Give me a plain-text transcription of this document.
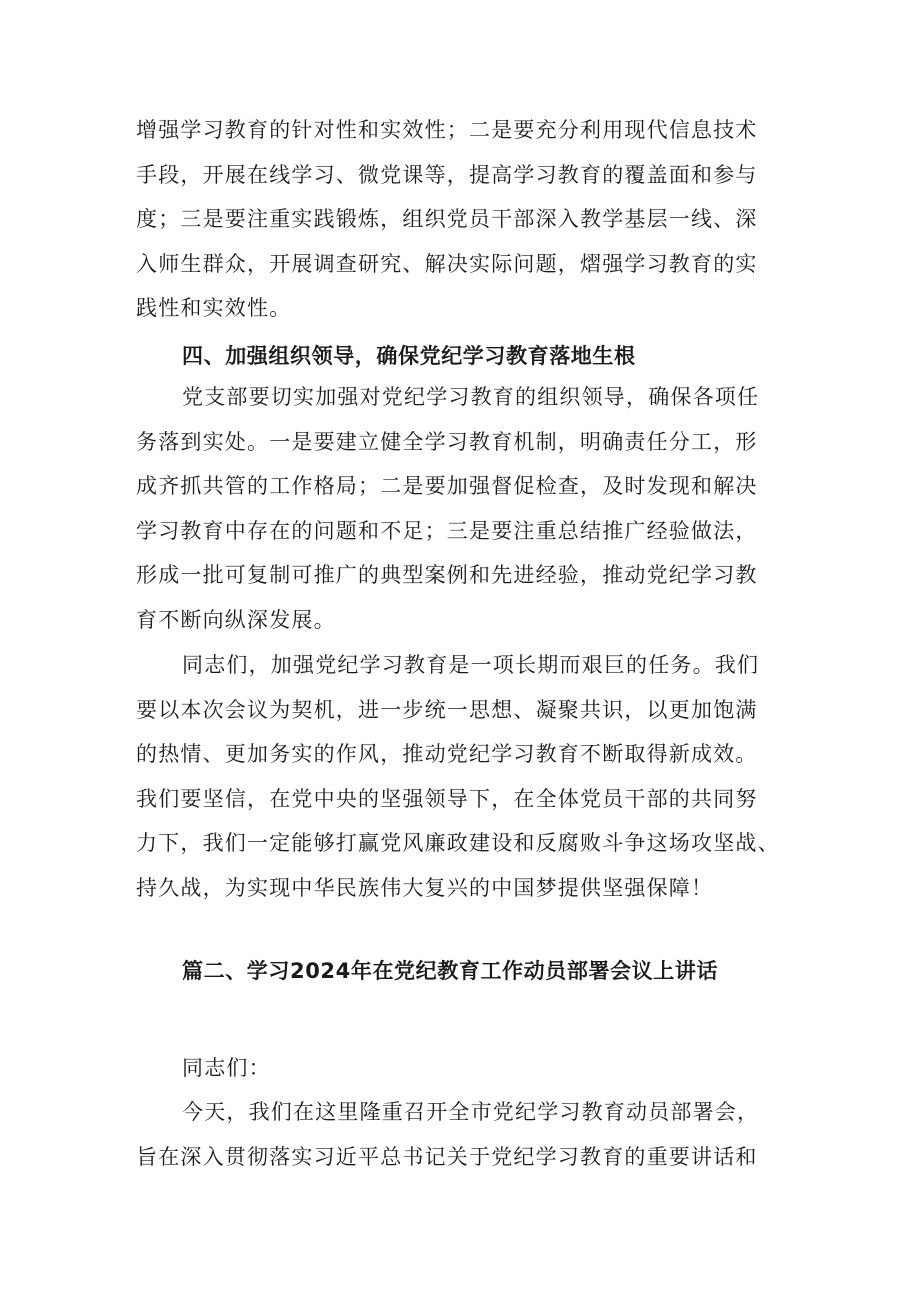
增强学习教育的针对性和实效性；二是要充分利用现代信息技术
手段，开展在线学习、微党课等，提高学习教育的覆盖面和参与
度；三是要注重实践锻炼，组织党员干部深入教学基层一线、深
入师生群众，开展调查研究、解决实际问题，熠强学习教育的实
践性和实效性。
四、加强组织领导，确保党纪学习教育落地生根
党支部要切实加强对党纪学习教育的组织领导，确保各项任
务落到实处。一是要建立健全学习教育机制，明确责任分工，形
成齐抓共管的工作格局；二是要加强督促检查，及时发现和解决
学习教育中存在的问题和不足；三是要注重总结推广经验做法，
形成一批可复制可推广的典型案例和先进经验，推动党纪学习教
育不断向纵深发展。
同志们，加强党纪学习教育是一项长期而艰巨的任务。我们
要以本次会议为契机，进一步统一思想、凝聚共识，以更加饱满
的热情、更加务实的作风，推动党纪学习教育不断取得新成效。
我们要坚信，在党中央的坚强领导下，在全体党员干部的共同努
力下，我们一定能够打赢党风廉政建设和反腐败斗争这场攻坚战、
持久战，为实现中华民族伟大复兴的中国梦提供坚强保障！
篇二、学习2024年在党纪教育工作动员部署会议上讲话
同志们：
今天，我们在这里隆重召开全市党纪学习教育动员部署会，
旨在深入贯彻落实习近平总书记关于党纪学习教育的重要讲话和
